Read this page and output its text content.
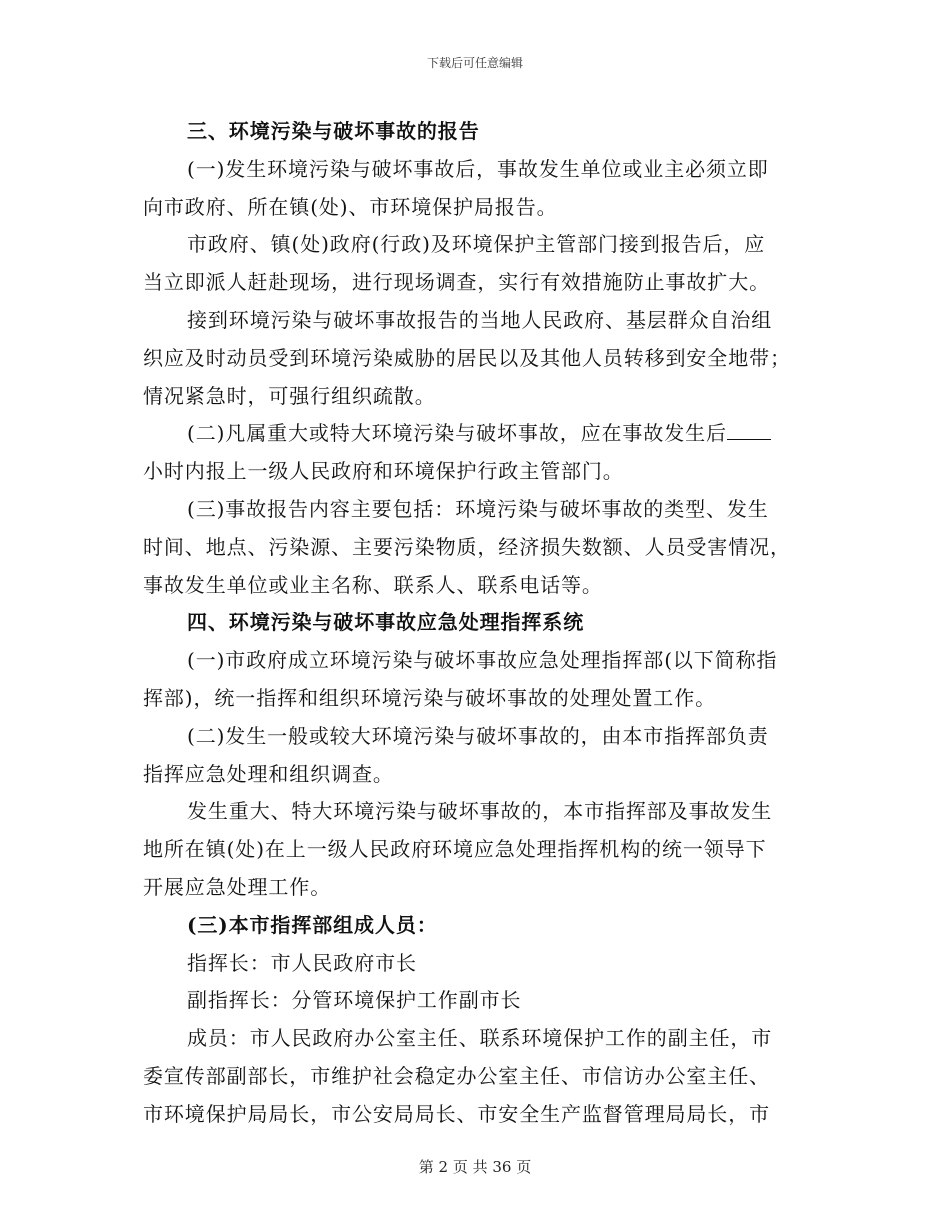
下载后可任意编辑
三、环境污染与破坏事故的报告
(一)发生环境污染与破坏事故后，事故发生单位或业主必须立即
向市政府、所在镇(处)、市环境保护局报告。
市政府、镇(处)政府(行政)及环境保护主管部门接到报告后，应
当立即派人赶赴现场，进行现场调查，实行有效措施防止事故扩大。
接到环境污染与破坏事故报告的当地人民政府、基层群众自治组
织应及时动员受到环境污染威胁的居民以及其他人员转移到安全地带；
情况紧急时，可强行组织疏散。
(二)凡属重大或特大环境污染与破坏事故，应在事故发生后
小时内报上一级人民政府和环境保护行政主管部门。
(三)事故报告内容主要包括：环境污染与破坏事故的类型、发生
时间、地点、污染源、主要污染物质，经济损失数额、人员受害情况，
事故发生单位或业主名称、联系人、联系电话等。
四、环境污染与破坏事故应急处理指挥系统
(一)市政府成立环境污染与破坏事故应急处理指挥部(以下简称指
挥部)，统一指挥和组织环境污染与破坏事故的处理处置工作。
(二)发生一般或较大环境污染与破坏事故的，由本市指挥部负责
指挥应急处理和组织调查。
发生重大、特大环境污染与破坏事故的，本市指挥部及事故发生
地所在镇(处)在上一级人民政府环境应急处理指挥机构的统一领导下
开展应急处理工作。
(三)本市指挥部组成人员：
指挥长：市人民政府市长
副指挥长：分管环境保护工作副市长
成员：市人民政府办公室主任、联系环境保护工作的副主任，市
委宣传部副部长，市维护社会稳定办公室主任、市信访办公室主任、
市环境保护局局长，市公安局局长、市安全生产监督管理局局长，市
第 2 页 共 36 页
